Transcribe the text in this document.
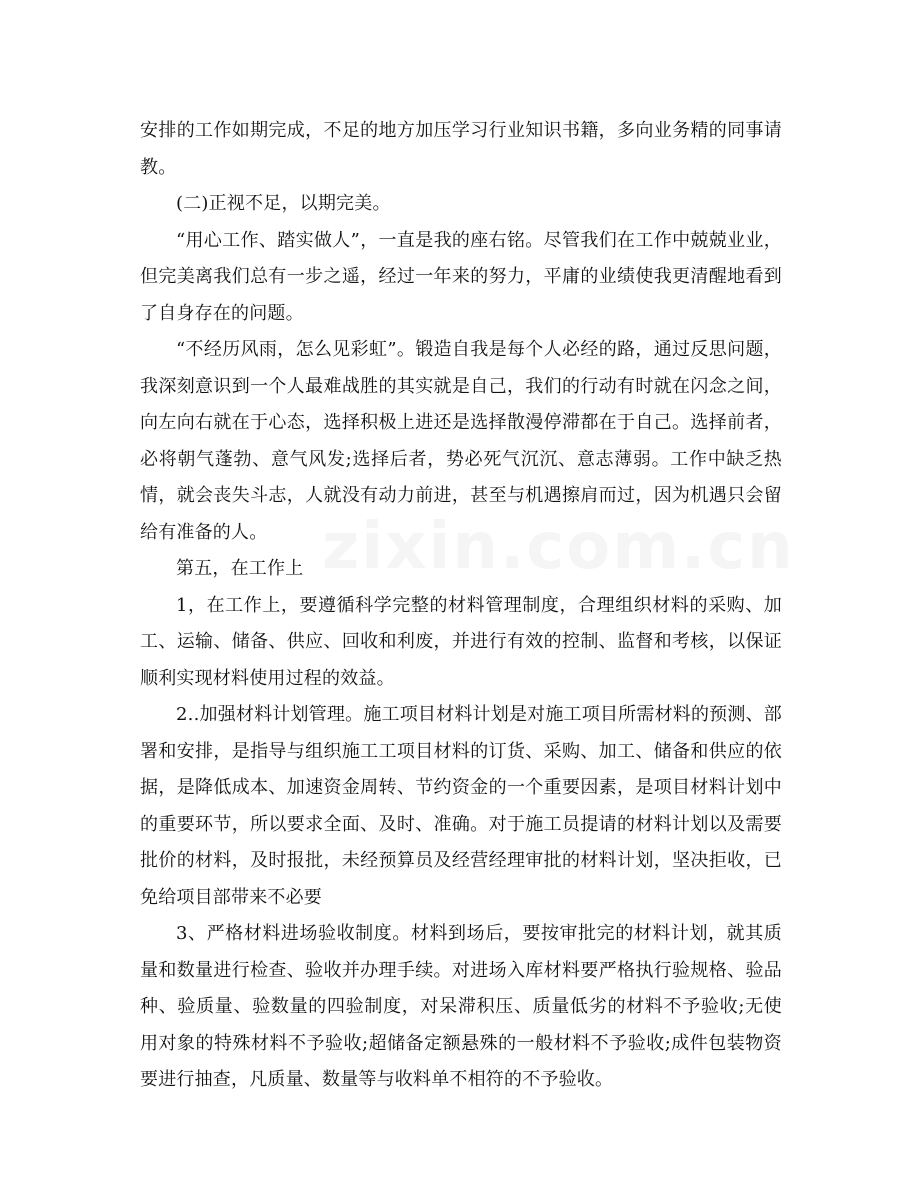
zixin.com.cn

安排的工作如期完成，不足的地方加压学习行业知识书籍，多向业务精的同事请教。

(二)正视不足，以期完美。

“用心工作、踏实做人”，一直是我的座右铭。尽管我们在工作中兢兢业业，但完美离我们总有一步之遥，经过一年来的努力，平庸的业绩使我更清醒地看到了自身存在的问题。

“不经历风雨，怎么见彩虹”。锻造自我是每个人必经的路，通过反思问题，我深刻意识到一个人最难战胜的其实就是自己，我们的行动有时就在闪念之间，向左向右就在于心态，选择积极上进还是选择散漫停滞都在于自己。选择前者，必将朝气蓬勃、意气风发;选择后者，势必死气沉沉、意志薄弱。工作中缺乏热情，就会丧失斗志，人就没有动力前进，甚至与机遇擦肩而过，因为机遇只会留给有准备的人。

第五，在工作上

1，在工作上，要遵循科学完整的材料管理制度，合理组织材料的采购、加工、运输、储备、供应、回收和利废，并进行有效的控制、监督和考核，以保证顺利实现材料使用过程的效益。

2..加强材料计划管理。施工项目材料计划是对施工项目所需材料的预测、部署和安排，是指导与组织施工工项目材料的订货、采购、加工、储备和供应的依据，是降低成本、加速资金周转、节约资金的一个重要因素，是项目材料计划中的重要环节，所以要求全面、及时、准确。对于施工员提请的材料计划以及需要批价的材料，及时报批，未经预算员及经营经理审批的材料计划，坚决拒收，已免给项目部带来不必要

3、严格材料进场验收制度。材料到场后，要按审批完的材料计划，就其质量和数量进行检查、验收并办理手续。对进场入库材料要严格执行验规格、验品种、验质量、验数量的四验制度，对呆滞积压、质量低劣的材料不予验收;无使用对象的特殊材料不予验收;超储备定额悬殊的一般材料不予验收;成件包装物资要进行抽查，凡质量、数量等与收料单不相符的不予验收。
